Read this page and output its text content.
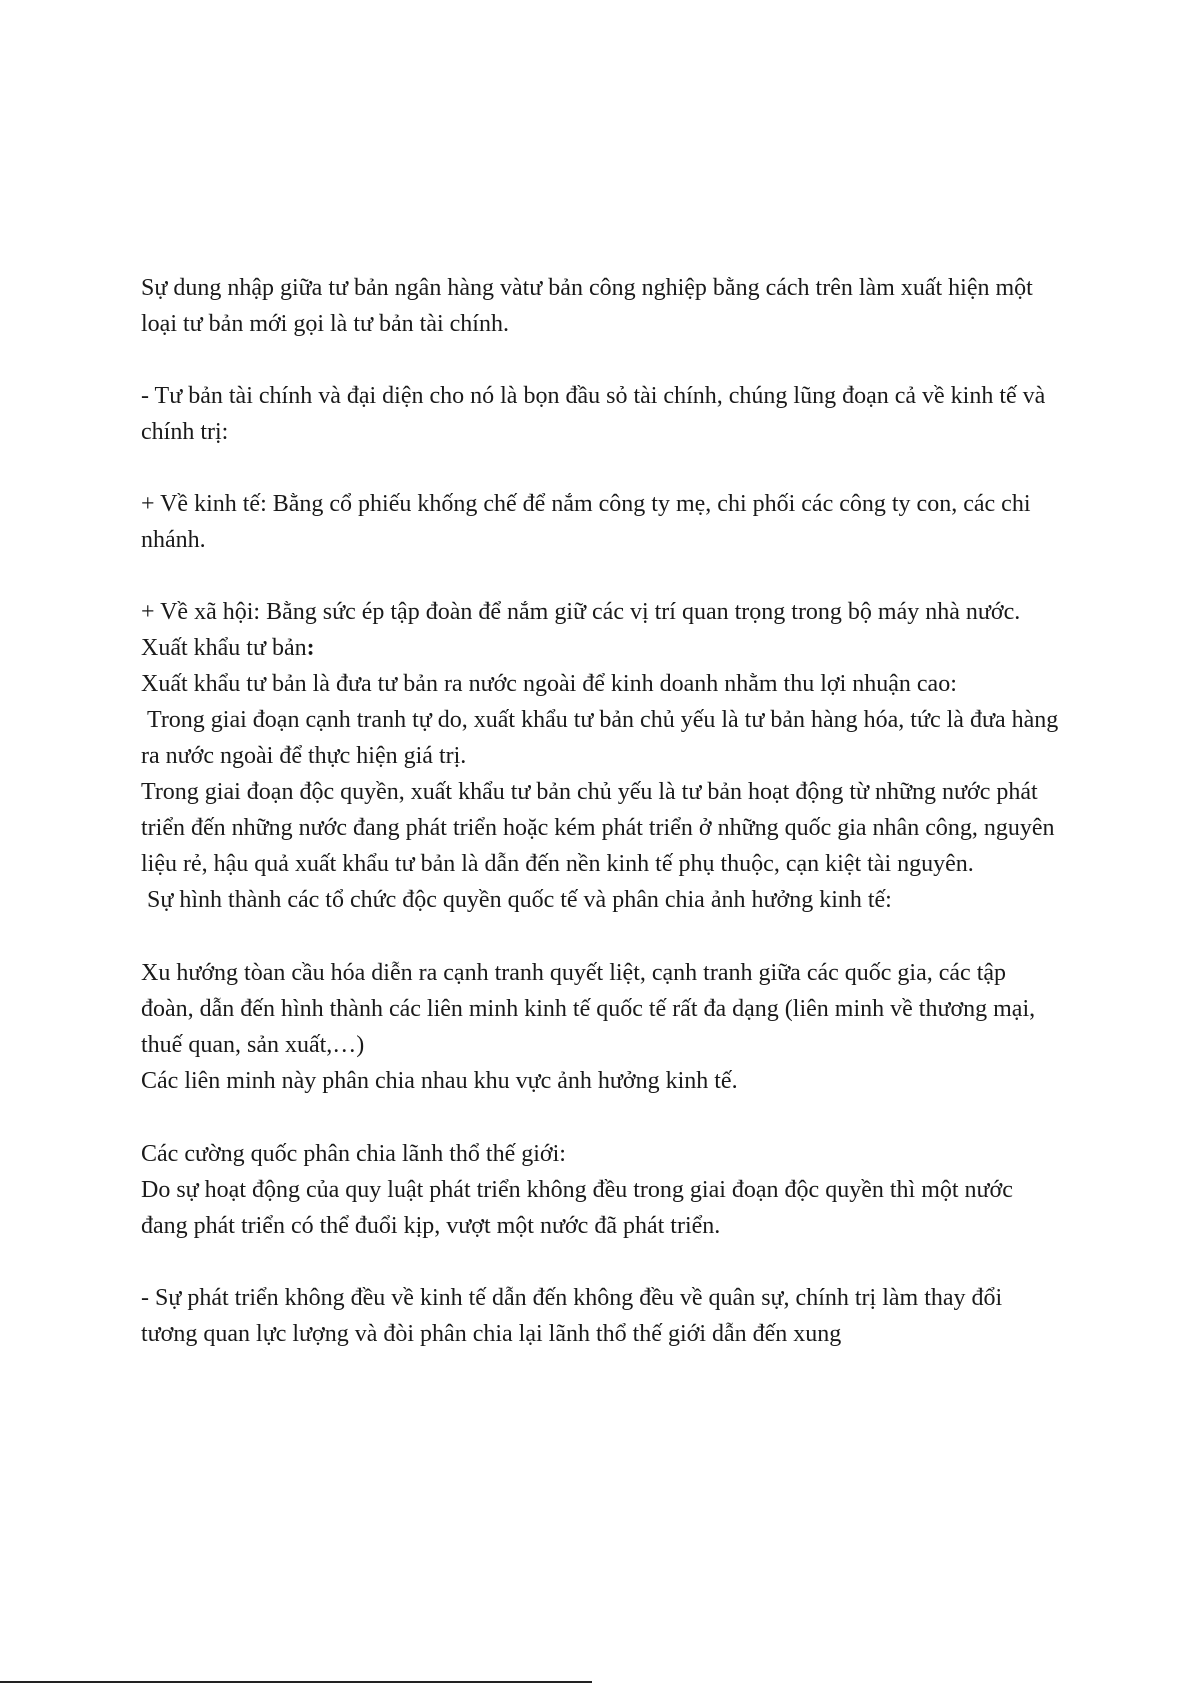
Sự dung nhập giữa tư bản ngân hàng vàtư bản công nghiệp bằng cách trên làm xuất hiện một loại tư bản mới gọi là tư bản tài chính.

- Tư bản tài chính và đại diện cho nó là bọn đầu sỏ tài chính, chúng lũng đoạn cả về kinh tế và chính trị:

+ Về kinh tế: Bằng cổ phiếu khống chế để nắm công ty mẹ, chi phối các công ty con, các chi nhánh.

+ Về xã hội: Bằng sức ép tập đoàn để nắm giữ các vị trí quan trọng trong bộ máy nhà nước.

Xuất khẩu tư bản:

Xuất khẩu tư bản là đưa tư bản ra nước ngoài để kinh doanh nhằm thu lợi nhuận cao:

Trong giai đoạn cạnh tranh tự do, xuất khẩu tư bản chủ yếu là tư bản hàng hóa, tức là đưa hàng ra nước ngoài để thực hiện giá trị.

Trong giai đoạn độc quyền, xuất khẩu tư bản chủ yếu là tư bản hoạt động từ những nước phát triển đến những nước đang phát triển hoặc kém phát triển ở những quốc gia nhân công, nguyên liệu rẻ, hậu quả xuất khẩu tư bản là dẫn đến nền kinh tế phụ thuộc, cạn kiệt tài nguyên.

Sự hình thành các tổ chức độc quyền quốc tế và phân chia ảnh hưởng kinh tế:

Xu hướng tòan cầu hóa diễn ra cạnh tranh quyết liệt, cạnh tranh giữa các quốc gia, các tập đoàn, dẫn đến hình thành các liên minh kinh tế quốc tế rất đa dạng (liên minh về thương mại, thuế quan, sản xuất,…)

Các liên minh này phân chia nhau khu vực ảnh hưởng kinh tế.

Các cường quốc phân chia lãnh thổ thế giới:

Do sự hoạt động của quy luật phát triển không đều trong giai đoạn độc quyền thì một nước đang phát triển có thể đuổi kịp, vượt một nước đã phát triển.

- Sự phát triển không đều về kinh tế dẫn đến không đều về quân sự, chính trị làm thay đổi tương quan lực lượng và đòi phân chia lại lãnh thổ thế giới dẫn đến xung
